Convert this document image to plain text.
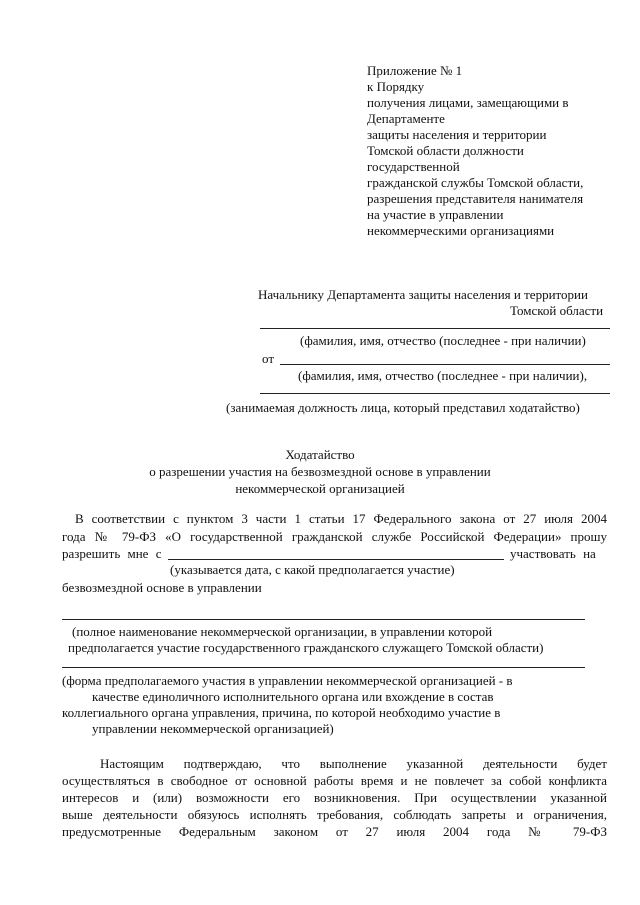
Приложение № 1
к Порядку
получения лицами, замещающими в
Департаменте
защиты населения и территории
Томской области должности
государственной
гражданской службы Томской области,
разрешения представителя нанимателя
на участие в управлении
некоммерческими организациями
Начальнику Департамента защиты населения и территории
Томской области
(фамилия, имя, отчество (последнее - при наличии)
от
(фамилия, имя, отчество (последнее - при наличии),
(занимаемая должность лица, который представил ходатайство)
Ходатайство
о разрешении участия на безвозмездной основе в управлении
некоммерческой организацией
В соответствии с пунктом 3 части 1 статьи 17 Федерального закона от 27 июля 2004
года № 79-ФЗ «О государственной гражданской службе Российской Федерации» прошу
разрешить мне с	участвовать на
(указывается дата, с какой предполагается участие)
безвозмездной основе в управлении
(полное наименование некоммерческой организации, в управлении которой
предполагается участие государственного гражданского служащего Томской области)
(форма предполагаемого участия в управлении некоммерческой организацией - в
качестве единоличного исполнительного органа или вхождение в состав
коллегиального органа управления, причина, по которой необходимо участие в
управлении некоммерческой организацией)
Настоящим подтверждаю, что выполнение указанной деятельности будет
осуществляться в свободное от основной работы время и не повлечет за собой конфликта
интересов и (или) возможности его возникновения. При осуществлении указанной
выше деятельности обязуюсь исполнять требования, соблюдать запреты и ограничения,
предусмотренные Федеральным законом от 27 июля 2004 года № 79-ФЗ
